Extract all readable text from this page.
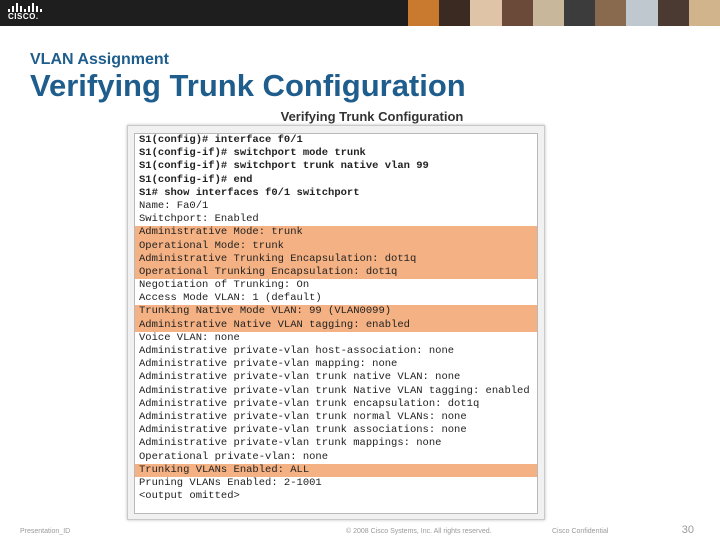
CISCO.
VLAN Assignment
Verifying Trunk Configuration
Verifying Trunk Configuration
S1(config)# interface f0/1
S1(config-if)# switchport mode trunk
S1(config-if)# switchport trunk native vlan 99
S1(config-if)# end
S1# show interfaces f0/1 switchport
Name: Fa0/1
Switchport: Enabled
Administrative Mode: trunk
Operational Mode: trunk
Administrative Trunking Encapsulation: dot1q
Operational Trunking Encapsulation: dot1q
Negotiation of Trunking: On
Access Mode VLAN: 1 (default)
Trunking Native Mode VLAN: 99 (VLAN0099)
Administrative Native VLAN tagging: enabled
Voice VLAN: none
Administrative private-vlan host-association: none
Administrative private-vlan mapping: none
Administrative private-vlan trunk native VLAN: none
Administrative private-vlan trunk Native VLAN tagging: enabled
Administrative private-vlan trunk encapsulation: dot1q
Administrative private-vlan trunk normal VLANs: none
Administrative private-vlan trunk associations: none
Administrative private-vlan trunk mappings: none
Operational private-vlan: none
Trunking VLANs Enabled: ALL
Pruning VLANs Enabled: 2-1001
<output omitted>
Presentation_ID	© 2008 Cisco Systems, Inc. All rights reserved.	Cisco Confidential	30
